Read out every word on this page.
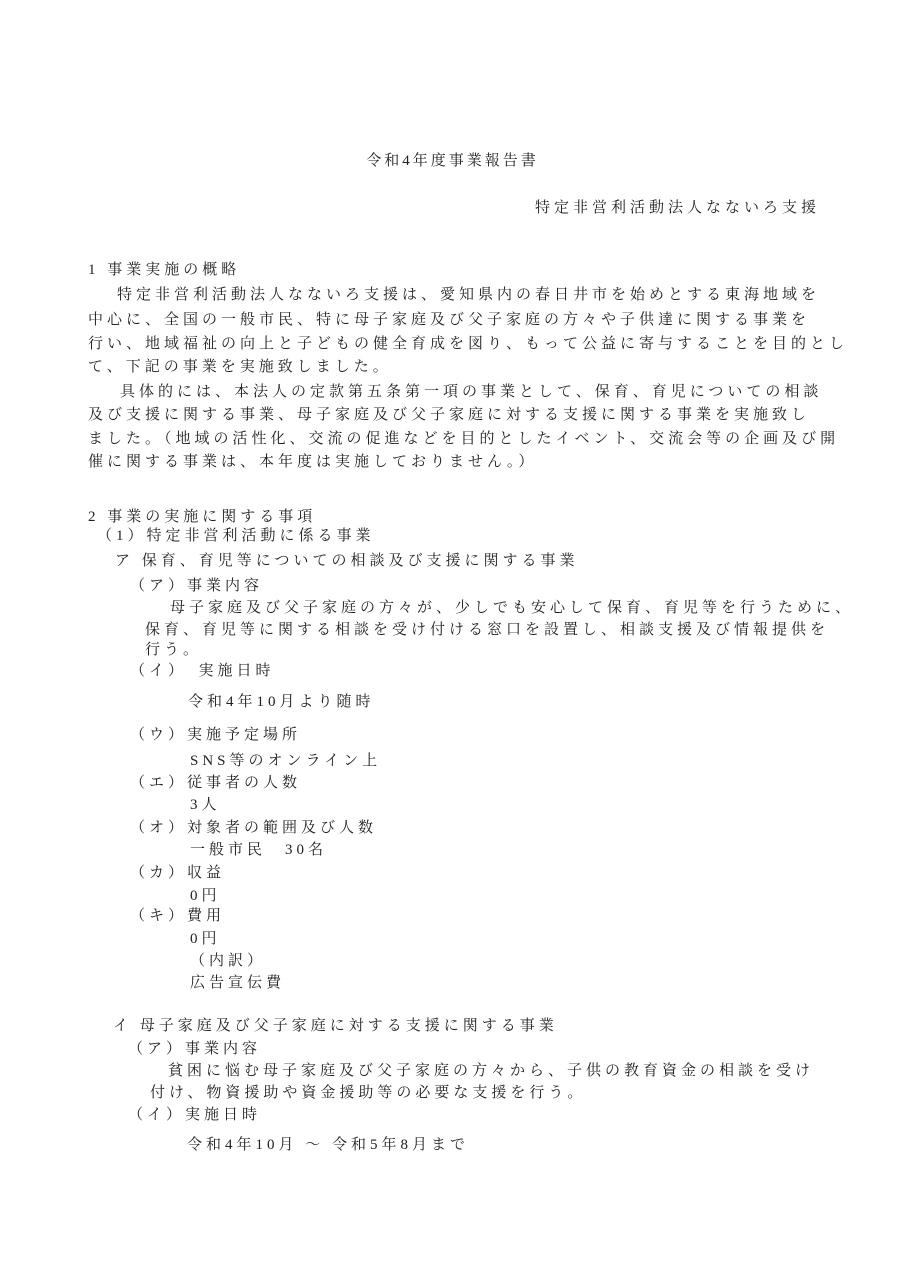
令和4年度事業報告書
特定非営利活動法人なないろ支援
1 事業実施の概略
特定非営利活動法人なないろ支援は、愛知県内の春日井市を始めとする東海地域を
中心に、全国の一般市民、特に母子家庭及び父子家庭の方々や子供達に関する事業を
行い、地域福祉の向上と子どもの健全育成を図り、もって公益に寄与することを目的とし
て、下記の事業を実施致しました。
具体的には、本法人の定款第五条第一項の事業として、保育、育児についての相談
及び支援に関する事業、母子家庭及び父子家庭に対する支援に関する事業を実施致し
ました。（地域の活性化、交流の促進などを目的としたイベント、交流会等の企画及び開
催に関する事業は、本年度は実施しておりません。）
2 事業の実施に関する事項
（1）特定非営利活動に係る事業
ア 保育、育児等についての相談及び支援に関する事業
（ア）事業内容
母子家庭及び父子家庭の方々が、少しでも安心して保育、育児等を行うために、
保育、育児等に関する相談を受け付ける窓口を設置し、相談支援及び情報提供を
行う。
（イ）　実施日時
令和4年10月より随時
（ウ）実施予定場所
SNS等のオンライン上
（エ）従事者の人数
3人
（オ）対象者の範囲及び人数
一般市民　30名
（カ）収益
0円
（キ）費用
0円
（内訳）
広告宣伝費
イ 母子家庭及び父子家庭に対する支援に関する事業
（ア）事業内容
貧困に悩む母子家庭及び父子家庭の方々から、子供の教育資金の相談を受け
付け、物資援助や資金援助等の必要な支援を行う。
（イ）実施日時
令和4年10月 ～ 令和5年8月まで
